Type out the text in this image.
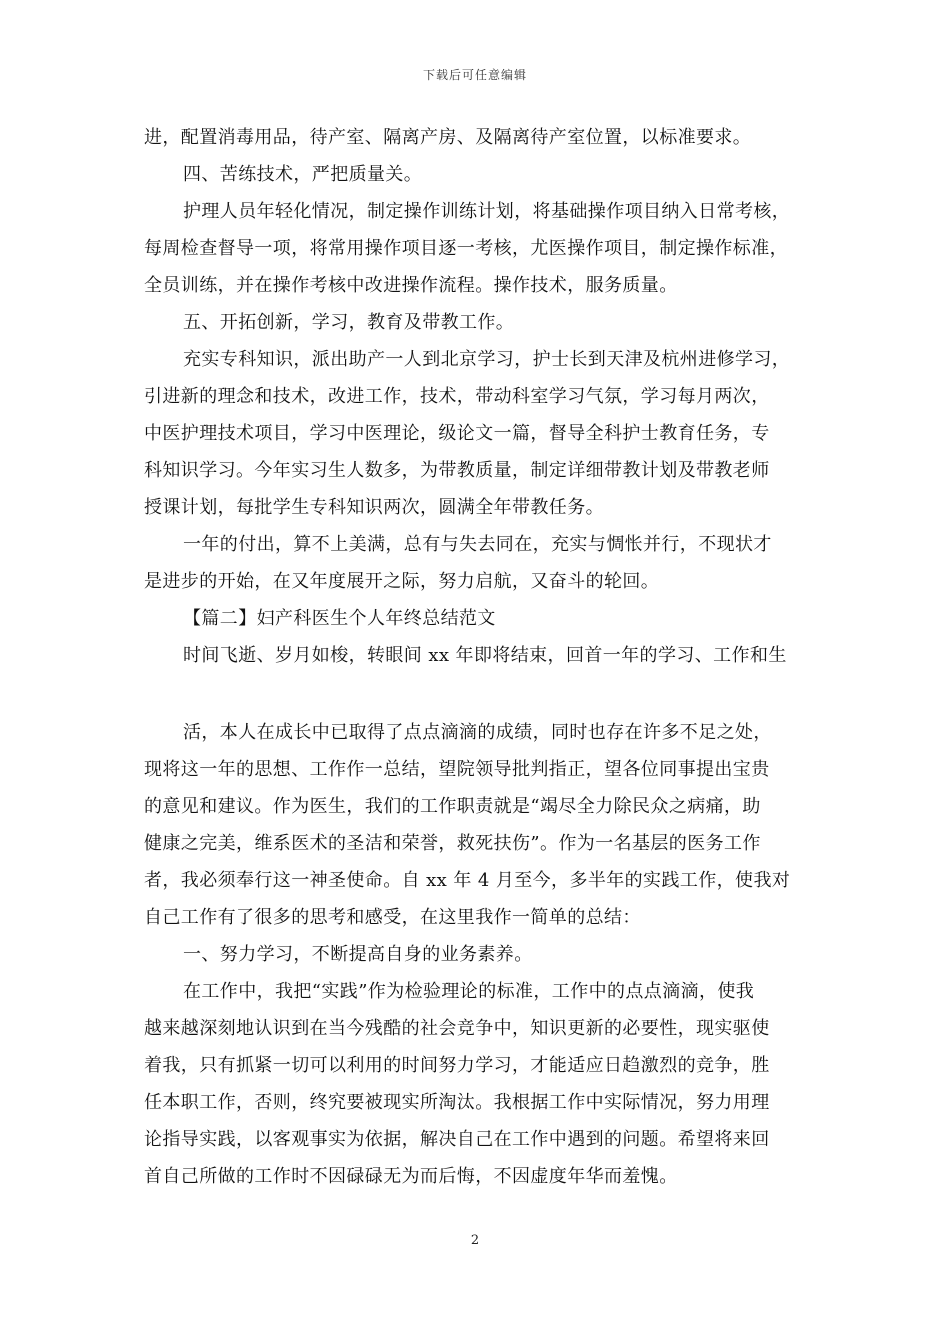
下载后可任意编辑
进，配置消毒用品，待产室、隔离产房、及隔离待产室位置，以标准要求。
四、苦练技术，严把质量关。
护理人员年轻化情况，制定操作训练计划，将基础操作项目纳入日常考核，
每周检查督导一项，将常用操作项目逐一考核，尤医操作项目，制定操作标准，
全员训练，并在操作考核中改进操作流程。操作技术，服务质量。
五、开拓创新，学习，教育及带教工作。
充实专科知识，派出助产一人到北京学习，护士长到天津及杭州进修学习，
引进新的理念和技术，改进工作，技术，带动科室学习气氛，学习每月两次，
中医护理技术项目，学习中医理论，级论文一篇，督导全科护士教育任务，专
科知识学习。今年实习生人数多，为带教质量，制定详细带教计划及带教老师
授课计划，每批学生专科知识两次，圆满全年带教任务。
一年的付出，算不上美满，总有与失去同在，充实与惆怅并行，不现状才
是进步的开始，在又年度展开之际，努力启航，又奋斗的轮回。
【篇二】妇产科医生个人年终总结范文
时间飞逝、岁月如梭，转眼间 xx 年即将结束，回首一年的学习、工作和生
活，本人在成长中已取得了点点滴滴的成绩，同时也存在许多不足之处，
现将这一年的思想、工作作一总结，望院领导批判指正，望各位同事提出宝贵
的意见和建议。作为医生，我们的工作职责就是“竭尽全力除民众之病痛，助
健康之完美，维系医术的圣洁和荣誉，救死扶伤”。作为一名基层的医务工作
者，我必须奉行这一神圣使命。自 xx 年 4 月至今，多半年的实践工作，使我对
自己工作有了很多的思考和感受，在这里我作一简单的总结：
一、努力学习，不断提高自身的业务素养。
在工作中，我把“实践”作为检验理论的标准，工作中的点点滴滴，使我
越来越深刻地认识到在当今残酷的社会竞争中，知识更新的必要性，现实驱使
着我，只有抓紧一切可以利用的时间努力学习，才能适应日趋激烈的竞争，胜
任本职工作，否则，终究要被现实所淘汰。我根据工作中实际情况，努力用理
论指导实践，以客观事实为依据，解决自己在工作中遇到的问题。希望将来回
首自己所做的工作时不因碌碌无为而后悔，不因虚度年华而羞愧。
2
